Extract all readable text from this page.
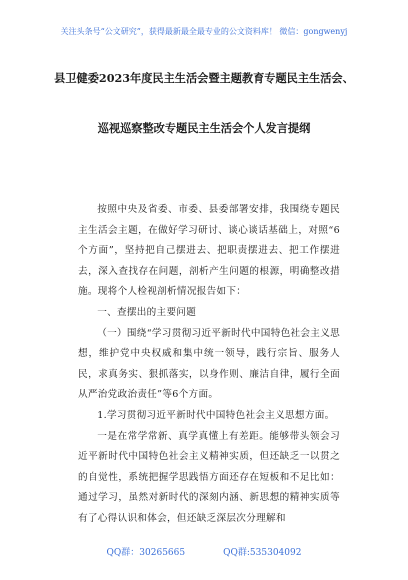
关注头条号“公文研究”，获得最新最全最专业的公文资料库！ 微信：gongwenyj
县卫健委2023年度民主生活会暨主题教育专题民主生活会、
巡视巡察整改专题民主生活会个人发言提纲

按照中央及省委、市委、县委部署安排，我围绕专题民主生活会主题，在做好学习研讨、谈心谈话基础上，对照“6个方面”，坚持把自己摆进去、把职责摆进去、把工作摆进去，深入查找存在问题，剖析产生问题的根源，明确整改措施。现将个人检视剖析情况报告如下：

一、查摆出的主要问题

（一）围绕“学习贯彻习近平新时代中国特色社会主义思想，维护党中央权威和集中统一领导，践行宗旨、服务人民，求真务实、狠抓落实，以身作则、廉洁自律，履行全面从严治党政治责任”等6个方面。

1.学习贯彻习近平新时代中国特色社会主义思想方面。

一是在常学常新、真学真懂上有差距。能够带头领会习近平新时代中国特色社会主义精神实质，但还缺乏一以贯之的自觉性，系统把握学思践悟方面还存在短板和不足比如：通过学习，虽然对新时代的深刻内涵、新思想的精神实质等有了心得认识和体会，但还缺乏深层次分理解和

QQ群：30265665	QQ群:535304092
